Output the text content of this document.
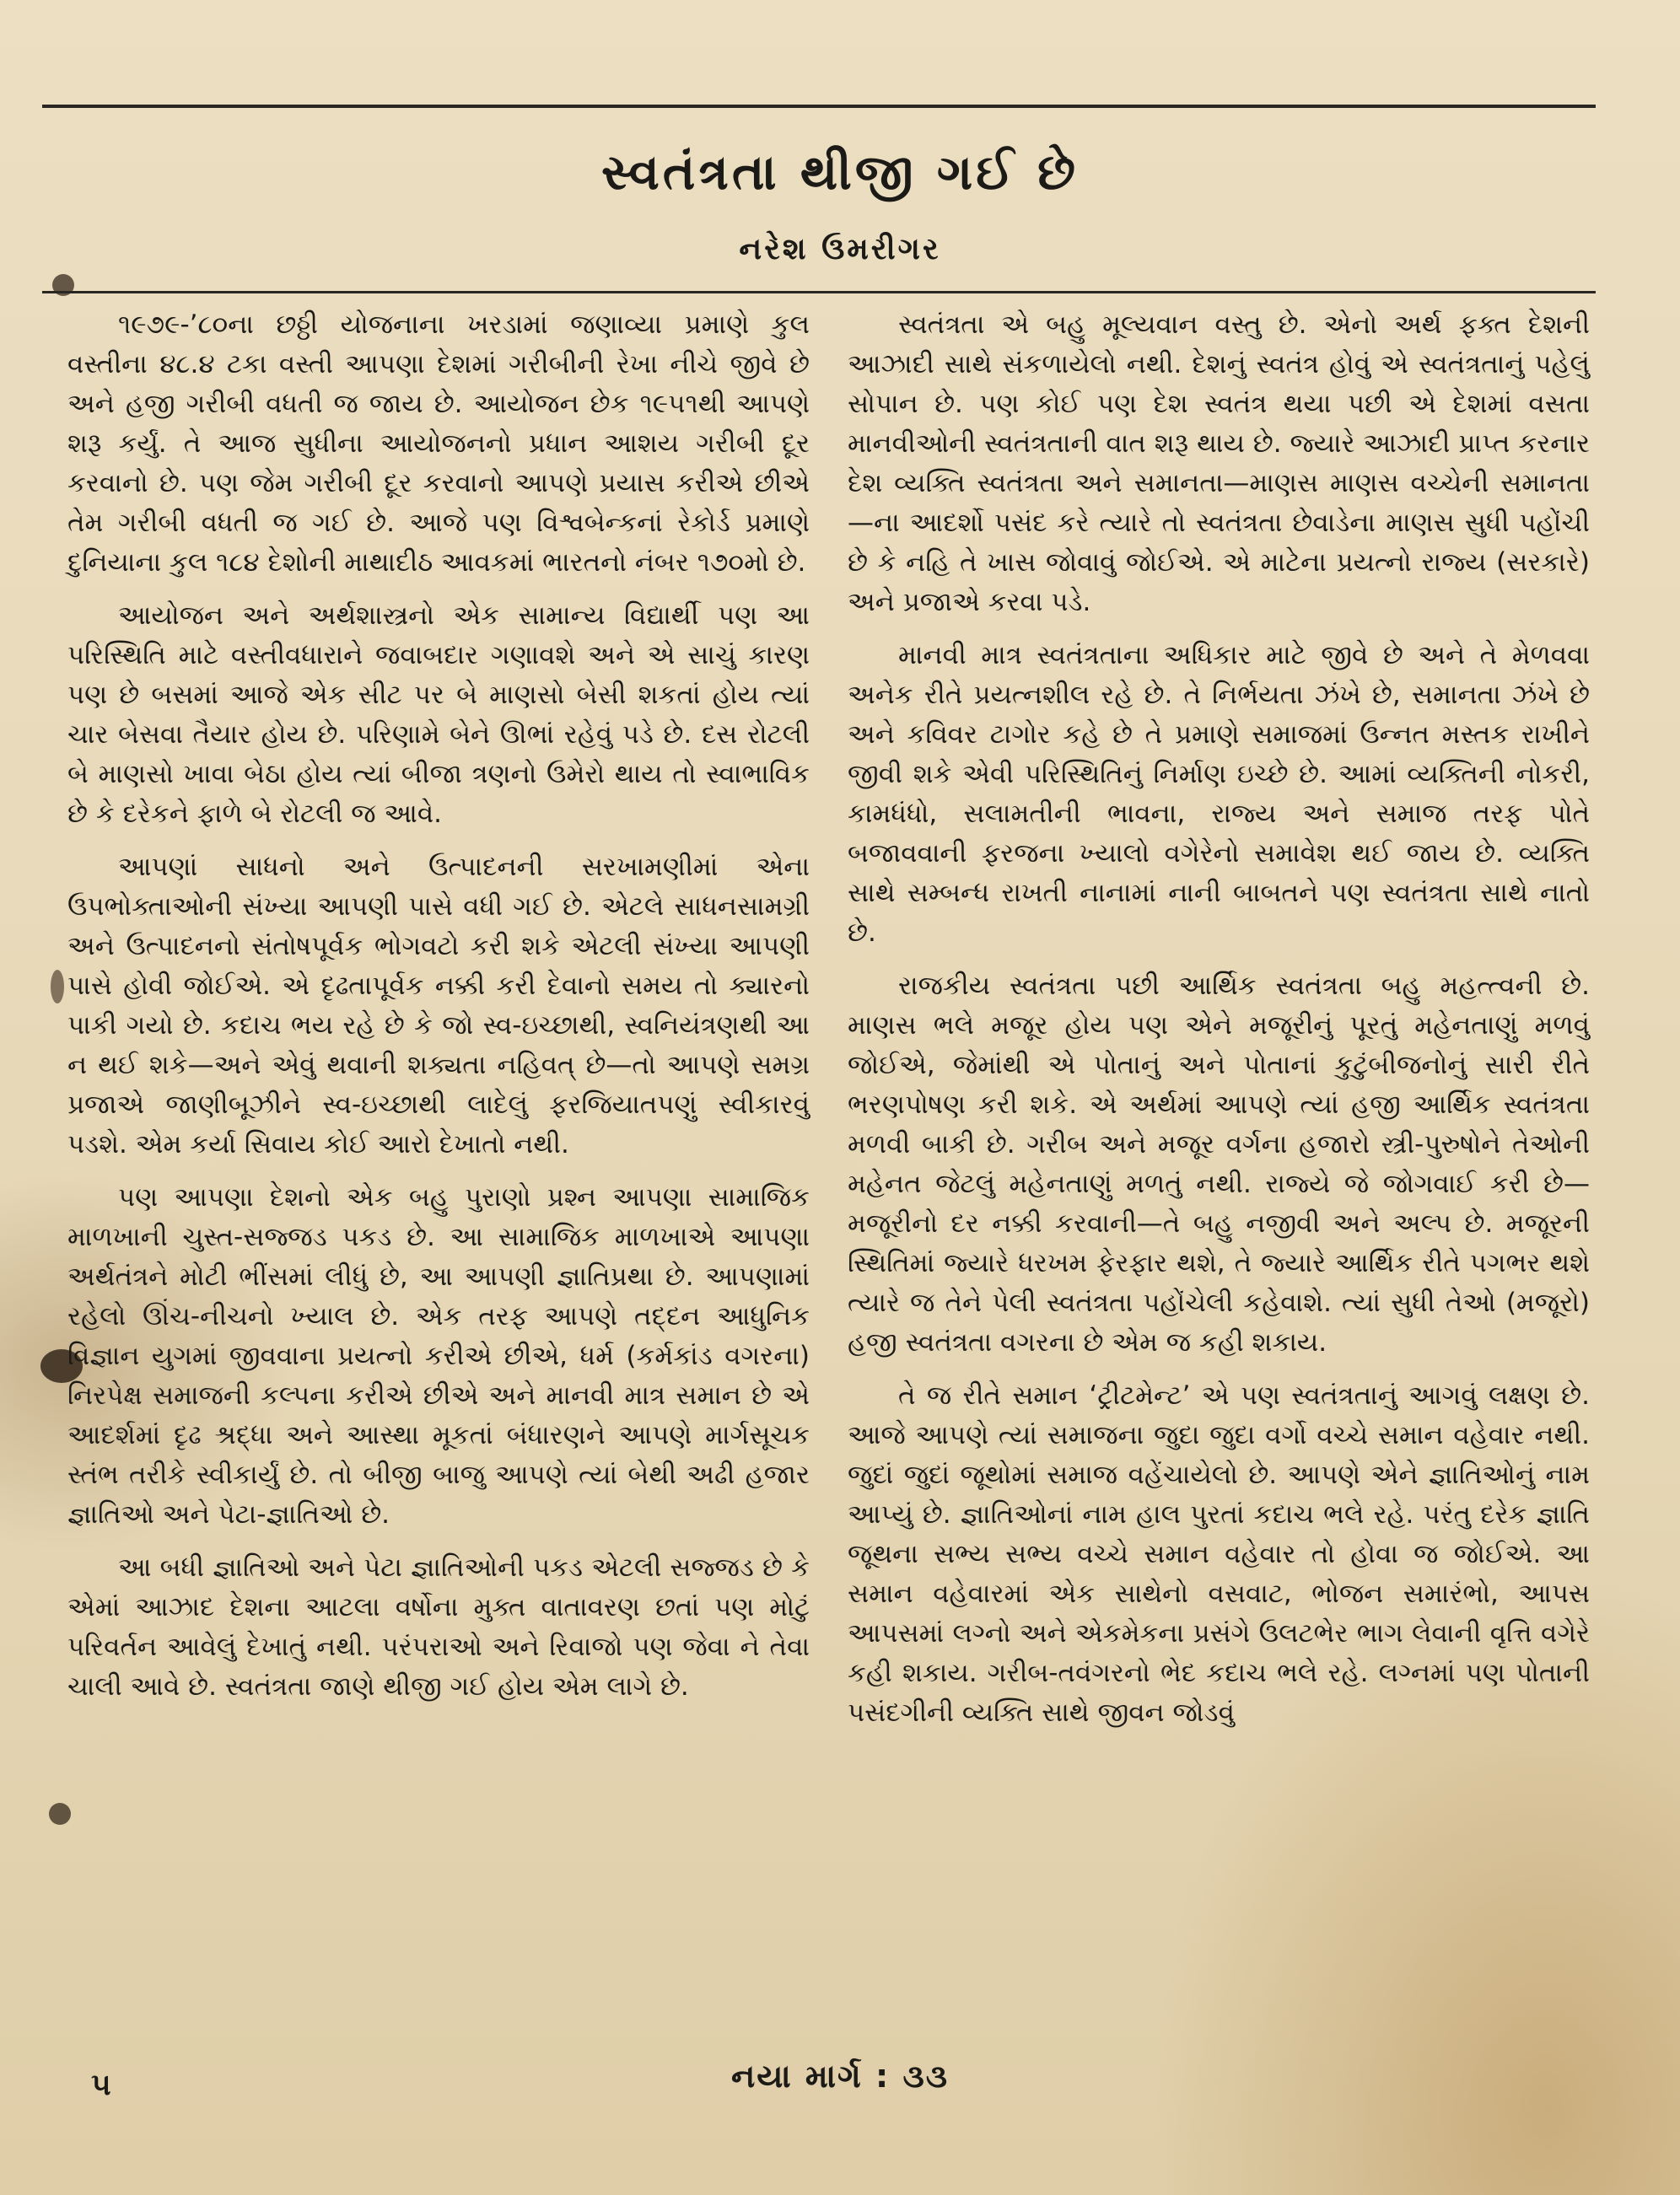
સ્વતંત્રતા થીજી ગઈ છે
નરેશ ઉમરીગર

૧૯૭૯-’૮૦ના છઠ્ઠી યોજનાના ખરડામાં જણાવ્યા પ્રમાણે કુલ વસ્તીના ૪૮.૪ ટકા વસ્તી આપણા દેશમાં ગરીબીની રેખા નીચે જીવે છે અને હજી ગરીબી વધતી જ જાય છે. આયોજન છેક ૧૯૫૧થી આપણે શરૂ કર્યું. તે આજ સુધીના આયોજનનો પ્રધાન આશય ગરીબી દૂર કરવાનો છે. પણ જેમ ગરીબી દૂર કરવાનો આપણે પ્રયાસ કરીએ છીએ તેમ ગરીબી વધતી જ ગઈ છે. આજે પણ વિશ્વબેન્કનાં રેકોર્ડ પ્રમાણે દુનિયાના કુલ ૧૮૪ દેશોની માથાદીઠ આવકમાં ભારતનો નંબર ૧૭૦મો છે.

આયોજન અને અર્થશાસ્ત્રનો એક સામાન્ય વિદ્યાર્થી પણ આ પરિસ્થિતિ માટે વસ્તીવધારાને જવાબદાર ગણાવશે અને એ સાચું કારણ પણ છે બસમાં આજે એક સીટ પર બે માણસો બેસી શકતાં હોય ત્યાં ચાર બેસવા તૈયાર હોય છે. પરિણામે બેને ઊભાં રહેવું પડે છે. દસ રોટલી બે માણસો ખાવા બેઠા હોય ત્યાં બીજા ત્રણનો ઉમેરો થાય તો સ્વાભાવિક છે કે દરેકને ફાળે બે રોટલી જ આવે.

આપણાં સાધનો અને ઉત્પાદનની સરખામણીમાં એના ઉપભોક્તાઓની સંખ્યા આપણી પાસે વધી ગઈ છે. એટલે સાધનસામગ્રી અને ઉત્પાદનનો સંતોષપૂર્વક ભોગવટો કરી શકે એટલી સંખ્યા આપણી પાસે હોવી જોઈએ. એ દૃઢતાપૂર્વક નક્કી કરી દેવાનો સમય તો ક્યારનો પાકી ગયો છે. કદાચ ભય રહે છે કે જો સ્વ-ઇચ્છાથી, સ્વનિયંત્રણથી આ ન થઈ શકે—અને એવું થવાની શક્યતા નહિવત્ છે—તો આપણે સમગ્ર પ્રજાએ જાણીબૂઝીને સ્વ-ઇચ્છાથી લાદેલું ફરજિયાતપણું સ્વીકારવું પડશે. એમ કર્યા સિવાય કોઈ આરો દેખાતો નથી.

પણ આપણા દેશનો એક બહુ પુરાણો પ્રશ્ન આપણા સામાજિક માળખાની ચુસ્ત-સજ્જડ પકડ છે. આ સામાજિક માળખાએ આપણા અર્થતંત્રને મોટી ભીંસમાં લીધું છે, આ આપણી જ્ઞાતિપ્રથા છે. આપણામાં રહેલો ઊંચ-નીચનો ખ્યાલ છે. એક તરફ આપણે તદ્દન આધુનિક વિજ્ઞાન યુગમાં જીવવાના પ્રયત્નો કરીએ છીએ, ધર્મ (કર્મકાંડ વગરના) નિરપેક્ષ સમાજની કલ્પના કરીએ છીએ અને માનવી માત્ર સમાન છે એ આદર્શમાં દૃઢ શ્રદ્ધા અને આસ્થા મૂકતાં બંધારણને આપણે માર્ગસૂચક સ્તંભ તરીકે સ્વીકાર્યું છે. તો બીજી બાજુ આપણે ત્યાં બેથી અઢી હજાર જ્ઞાતિઓ અને પેટા-જ્ઞાતિઓ છે.

આ બધી જ્ઞાતિઓ અને પેટા જ્ઞાતિઓની પકડ એટલી સજ્જડ છે કે એમાં આઝાદ દેશના આટલા વર્ષોના મુક્ત વાતાવરણ છતાં પણ મોટું પરિવર્તન આવેલું દેખાતું નથી. પરંપરાઓ અને રિવાજો પણ જેવા ને તેવા ચાલી આવે છે. સ્વતંત્રતા જાણે થીજી ગઈ હોય એમ લાગે છે.

સ્વતંત્રતા એ બહુ મૂલ્યવાન વસ્તુ છે. એનો અર્થ ફક્ત દેશની આઝાદી સાથે સંકળાયેલો નથી. દેશનું સ્વતંત્ર હોવું એ સ્વતંત્રતાનું પહેલું સોપાન છે. પણ કોઈ પણ દેશ સ્વતંત્ર થયા પછી એ દેશમાં વસતા માનવીઓની સ્વતંત્રતાની વાત શરૂ થાય છે. જ્યારે આઝાદી પ્રાપ્ત કરનાર દેશ વ્યક્તિ સ્વતંત્રતા અને સમાનતા—માણસ માણસ વચ્ચેની સમાનતા—ના આદર્શો પસંદ કરે ત્યારે તો સ્વતંત્રતા છેવાડેના માણસ સુધી પહોંચી છે કે નહિ તે ખાસ જોવાવું જોઈએ. એ માટેના પ્રયત્નો રાજ્ય (સરકારે) અને પ્રજાએ કરવા પડે.

માનવી માત્ર સ્વતંત્રતાના અધિકાર માટે જીવે છે અને તે મેળવવા અનેક રીતે પ્રયત્નશીલ રહે છે. તે નિર્ભયતા ઝંખે છે, સમાનતા ઝંખે છે અને કવિવર ટાગોર કહે છે તે પ્રમાણે સમાજમાં ઉન્નત મસ્તક રાખીને જીવી શકે એવી પરિસ્થિતિનું નિર્માણ ઇચ્છે છે. આમાં વ્યક્તિની નોકરી, કામધંધો, સલામતીની ભાવના, રાજ્ય અને સમાજ તરફ પોતે બજાવવાની ફરજના ખ્યાલો વગેરેનો સમાવેશ થઈ જાય છે. વ્યક્તિ સાથે સમ્બન્ધ રાખતી નાનામાં નાની બાબતને પણ સ્વતંત્રતા સાથે નાતો છે.

રાજકીય સ્વતંત્રતા પછી આર્થિક સ્વતંત્રતા બહુ મહત્ત્વની છે. માણસ ભલે મજૂર હોય પણ એને મજૂરીનું પૂરતું મહેનતાણું મળવું જોઈએ, જેમાંથી એ પોતાનું અને પોતાનાં કુટુંબીજનોનું સારી રીતે ભરણપોષણ કરી શકે. એ અર્થમાં આપણે ત્યાં હજી આર્થિક સ્વતંત્રતા મળવી બાકી છે. ગરીબ અને મજૂર વર્ગના હજારો સ્ત્રી-પુરુષોને તેઓની મહેનત જેટલું મહેનતાણું મળતું નથી. રાજ્યે જે જોગવાઈ કરી છે—મજૂરીનો દર નક્કી કરવાની—તે બહુ નજીવી અને અલ્પ છે. મજૂરની સ્થિતિમાં જ્યારે ધરખમ ફેરફાર થશે, તે જ્યારે આર્થિક રીતે પગભર થશે ત્યારે જ તેને પેલી સ્વતંત્રતા પહોંચેલી કહેવાશે. ત્યાં સુધી તેઓ (મજૂરો) હજી સ્વતંત્રતા વગરના છે એમ જ કહી શકાય.

તે જ રીતે સમાન ‘ટ્રીટમેન્ટ’ એ પણ સ્વતંત્રતાનું આગવું લક્ષણ છે. આજે આપણે ત્યાં સમાજના જુદા જુદા વર્ગો વચ્ચે સમાન વહેવાર નથી. જુદાં જુદાં જૂથોમાં સમાજ વહેંચાયેલો છે. આપણે એને જ્ઞાતિઓનું નામ આપ્યું છે. જ્ઞાતિઓનાં નામ હાલ પુરતાં કદાચ ભલે રહે. પરંતુ દરેક જ્ઞાતિ જૂથના સભ્ય સભ્ય વચ્ચે સમાન વહેવાર તો હોવા જ જોઈએ. આ સમાન વહેવારમાં એક સાથેનો વસવાટ, ભોજન સમારંભો, આપસ આપસમાં લગ્નો અને એકમેકના પ્રસંગે ઉલટભેર ભાગ લેવાની વૃત્તિ વગેરે કહી શકાય. ગરીબ-તવંગરનો ભેદ કદાચ ભલે રહે. લગ્નમાં પણ પોતાની પસંદગીની વ્યક્તિ સાથે જીવન જોડવું

૫	નયા માર્ગ : ૩૩
